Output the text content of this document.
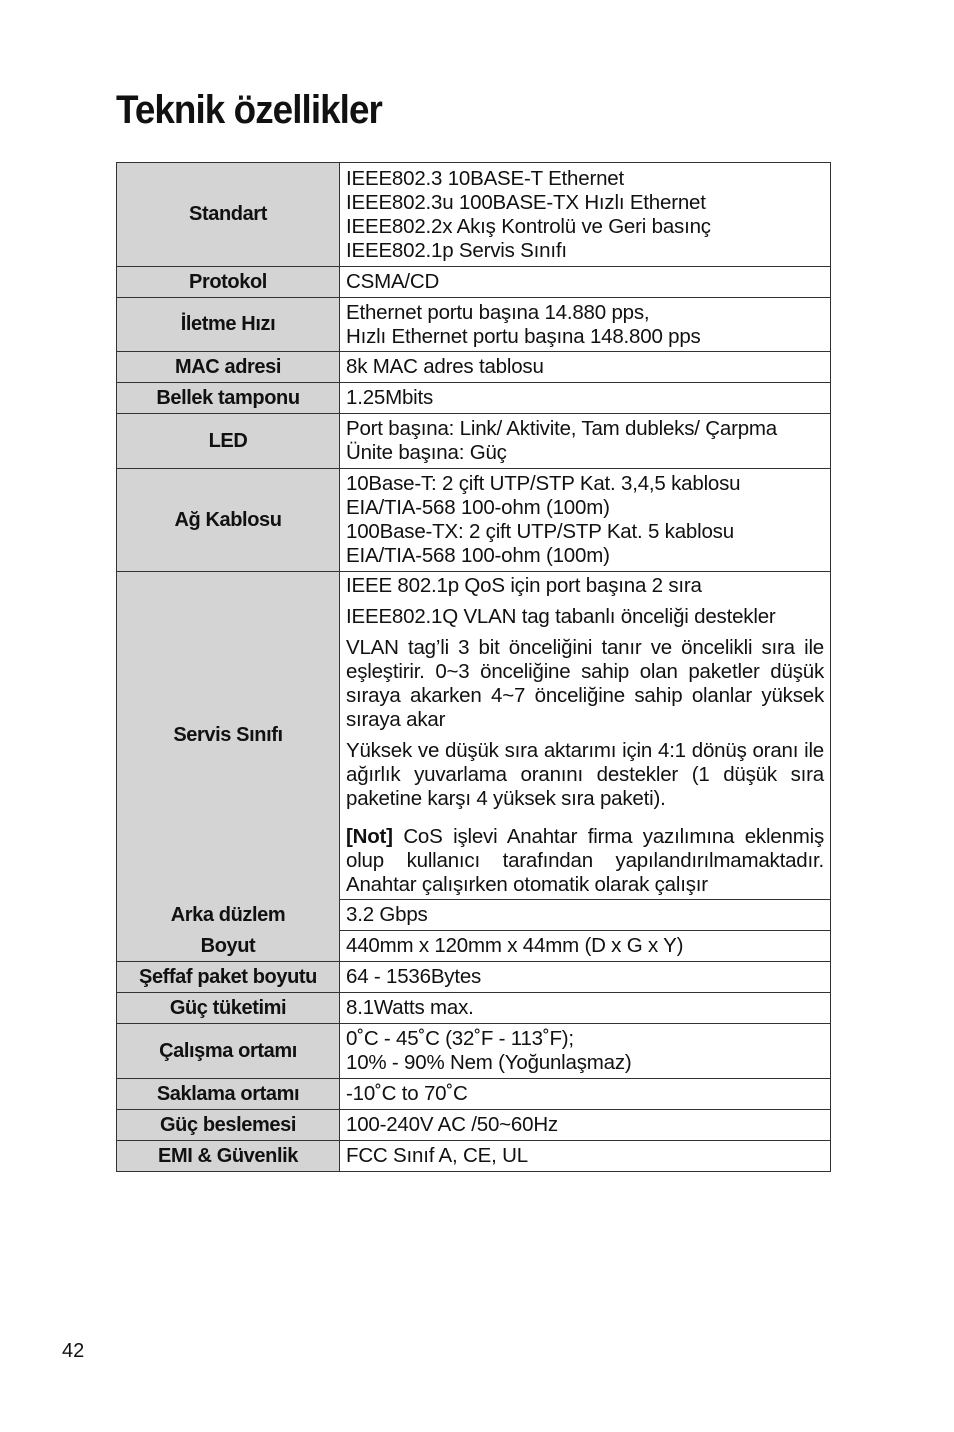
Teknik özellikler
Standart	IEEE802.3 10BASE-T Ethernet
IEEE802.3u 100BASE-TX Hızlı Ethernet
IEEE802.2x Akış Kontrolü ve Geri basınç
IEEE802.1p Servis Sınıfı

Protokol	CSMA/CD
İletme Hızı	Ethernet portu başına 14.880 pps,
Hızlı Ethernet portu başına 148.800 pps

MAC adresi	8k MAC adres tablosu
Bellek tamponu	1.25Mbits
LED	Port başına: Link/ Aktivite, Tam dubleks/ Çarpma
Ünite başına: Güç

Ağ Kablosu	10Base-T: 2 çift UTP/STP Kat. 3,4,5 kablosu
EIA/TIA-568 100-ohm (100m)
100Base-TX: 2 çift UTP/STP Kat. 5 kablosu
EIA/TIA-568 100-ohm (100m)

Servis Sınıfı	IEEE 802.1p QoS için port başına 2 sıra
IEEE802.1Q VLAN tag tabanlı önceliği destekler
VLAN tag’li 3 bit önceliğini tanır ve öncelikli sıra ile eşleştirir. 0~3 önceliğine sahip olan paketler düşük sıraya akarken 4~7 önceliğine sahip olanlar yüksek sıraya akar
Yüksek ve düşük sıra aktarımı için 4:1 dönüş oranı ile ağırlık yuvarlama oranını destekler (1 düşük sıra paketine karşı 4 yüksek sıra paketi).
[Not] CoS işlevi Anahtar firma yazılımına eklenmiş olup kullanıcı tarafından yapılandırılmamaktadır. Anahtar çalışırken otomatik olarak çalışır

Arka düzlem	3.2 Gbps
Boyut	440mm x 120mm x 44mm (D x G x Y)
Şeffaf paket boyutu	64 - 1536Bytes
Güç tüketimi	8.1Watts max.
Çalışma ortamı	0˚C - 45˚C (32˚F - 113˚F);
10% - 90% Nem (Yoğunlaşmaz)

Saklama ortamı	-10˚C to 70˚C
Güç beslemesi	100-240V AC /50~60Hz
EMI & Güvenlik	FCC Sınıf A, CE, UL
42
